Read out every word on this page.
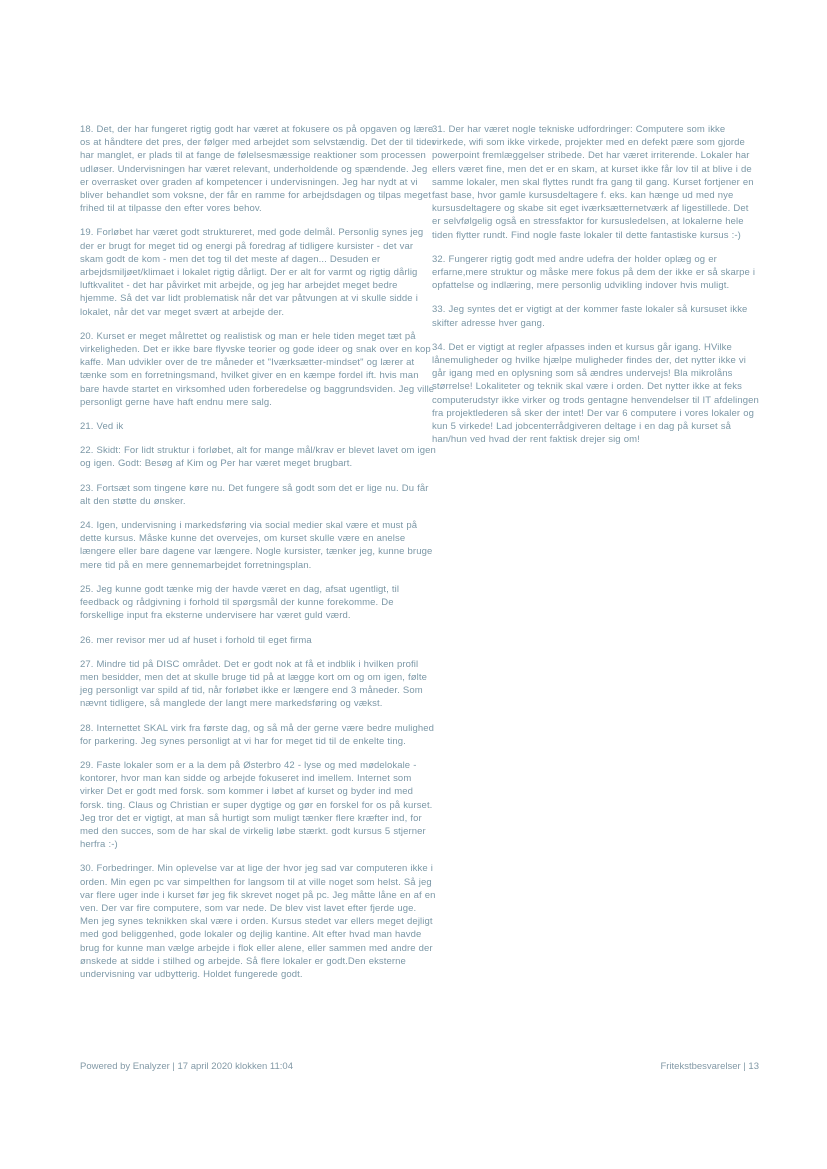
18. Det, der har fungeret rigtig godt har været at fokusere os på opgaven og lære os at håndtere det pres, der følger med arbejdet som selvstændig. Det der til tider har manglet, er plads til at fange de følelsesmæssige reaktioner som processen udløser. Undervisningen har været relevant, underholdende og spændende. Jeg er overrasket over graden af kompetencer i undervisningen. Jeg har nydt at vi bliver behandlet som voksne, der får en ramme for arbejdsdagen og tilpas meget frihed til at tilpasse den efter vores behov.

19. Forløbet har været godt struktureret, med gode delmål. Personlig synes jeg der er brugt for meget tid og energi på foredrag af tidligere kursister - det var skam godt de kom - men det tog til det meste af dagen... Desuden er arbejdsmiljøet/klimaet i lokalet rigtig dårligt. Der er alt for varmt og rigtig dårlig luftkvalitet - det har påvirket mit arbejde, og jeg har arbejdet meget bedre hjemme. Så det var lidt problematisk når det var påtvungen at vi skulle sidde i lokalet, når det var meget svært at arbejde der.

20. Kurset er meget målrettet og realistisk og man er hele tiden meget tæt på virkeligheden. Det er ikke bare flyvske teorier og gode ideer og snak over en kop kaffe. Man udvikler over de tre måneder et "Iværksætter-mindset" og lærer at tænke som en forretningsmand, hvilket giver en en kæmpe fordel ift. hvis man bare havde startet en virksomhed uden forberedelse og baggrundsviden. Jeg ville personligt gerne have haft endnu mere salg.

21. Ved ik

22. Skidt: For lidt struktur i forløbet, alt for mange mål/krav er blevet lavet om igen og igen. Godt: Besøg af Kim og Per har været meget brugbart.

23. Fortsæt som tingene køre nu. Det fungere så godt som det er lige nu. Du får alt den støtte du ønsker.

24. Igen, undervisning i markedsføring via social medier skal være et must på dette kursus. Måske kunne det overvejes, om kurset skulle være en anelse længere eller bare dagene var længere. Nogle kursister, tænker jeg, kunne bruge mere tid på en mere gennemarbejdet forretningsplan.

25. Jeg kunne godt tænke mig der havde været en dag, afsat ugentligt, til feedback og rådgivning i forhold til spørgsmål der kunne forekomme. De forskellige input fra eksterne undervisere har været guld værd.

26. mer revisor mer ud af huset i forhold til eget firma

27. Mindre tid på DISC området. Det er godt nok at få et indblik i hvilken profil men besidder, men det at skulle bruge tid på at lægge kort om og om igen, følte jeg personligt var spild af tid, når forløbet ikke er længere end 3 måneder. Som nævnt tidligere, så manglede der langt mere markedsføring og vækst.

28. Internettet SKAL virk fra første dag, og så må der gerne være bedre mulighed for parkering. Jeg synes personligt at vi har for meget tid til de enkelte ting.

29. Faste lokaler som er a la dem på Østerbro 42 - lyse og med mødelokale - kontorer, hvor man kan sidde og arbejde fokuseret ind imellem. Internet som virker Det er godt med forsk. som kommer i løbet af kurset og byder ind med forsk. ting. Claus og Christian er super dygtige og gør en forskel for os på kurset. Jeg tror det er vigtigt, at man så hurtigt som muligt tænker flere kræfter ind, for med den succes, som de har skal de virkelig løbe stærkt. godt kursus 5 stjerner herfra :-)

30. Forbedringer. Min oplevelse var at lige der hvor jeg sad var computeren ikke i orden. Min egen pc var simpelthen for langsom til at ville noget som helst. Så jeg var flere uger inde i kurset før jeg fik skrevet noget på pc. Jeg måtte låne en af en ven. Der var fire computere, som var nede. De blev vist lavet efter fjerde uge. Men jeg synes teknikken skal være i orden. Kursus stedet var ellers meget dejligt med god beliggenhed, gode lokaler og dejlig kantine. Alt efter hvad man havde brug for kunne man vælge arbejde i flok eller alene, eller sammen med andre der ønskede at sidde i stilhed og arbejde. Så flere lokaler er godt.Den eksterne undervisning var udbytterig. Holdet fungerede godt.

31. Der har været nogle tekniske udfordringer: Computere som ikke virkede, wifi som ikke virkede, projekter med en defekt pære som gjorde powerpoint fremlæggelser stribede. Det har været irriterende. Lokaler har ellers været fine, men det er en skam, at kurset ikke får lov til at blive i de samme lokaler, men skal flyttes rundt fra gang til gang. Kurset fortjener en fast base, hvor gamle kursusdeltagere f. eks. kan hænge ud med nye kursusdeltagere og skabe sit eget iværksætternetværk af ligestillede. Det er selvfølgelig også en stressfaktor for kursusledelsen, at lokalerne hele tiden flytter rundt. Find nogle faste lokaler til dette fantastiske kursus :-)

32. Fungerer rigtig godt med andre udefra der holder oplæg og er erfarne,mere struktur og måske mere fokus på dem der ikke er så skarpe i opfattelse og indlæring, mere personlig udvikling indover hvis muligt.

33. Jeg syntes det er vigtigt at der kommer faste lokaler så kursuset ikke skifter adresse hver gang.

34. Det er vigtigt at regler afpasses inden et kursus går igang. HVilke lånemuligheder og hvilke hjælpe muligheder findes der, det nytter ikke vi går igang med en oplysning som så ændres undervejs! Bla mikrolåns størrelse! Lokaliteter og teknik skal være i orden. Det nytter ikke at feks computerudstyr ikke virker og trods gentagne henvendelser til IT afdelingen fra projektlederen så sker der intet! Der var 6 computere i vores lokaler og kun 5 virkede! Lad jobcenterrådgiveren deltage i en dag på kurset så han/hun ved hvad der rent faktisk drejer sig om!

Powered by Enalyzer | 17 april 2020 klokken 11:04	Fritekstbesvarelser | 13
